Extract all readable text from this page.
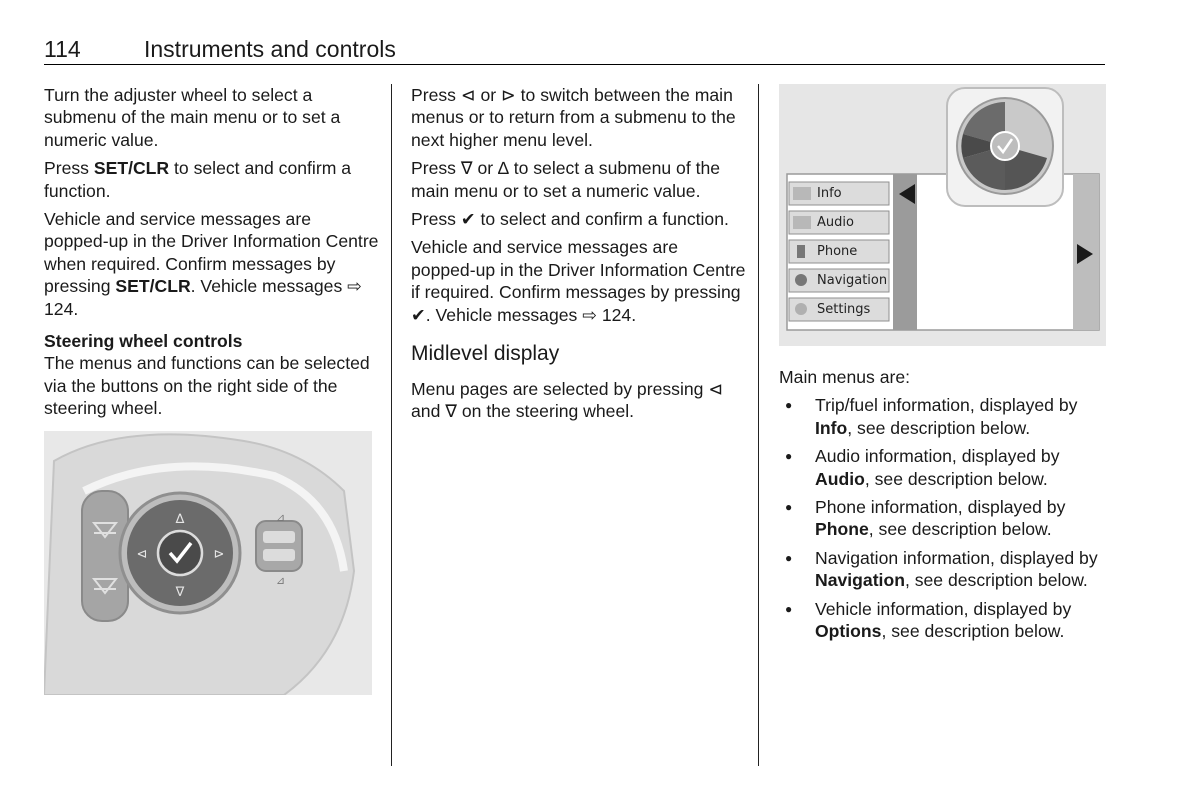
114	Instruments and controls

Turn the adjuster wheel to select a submenu of the main menu or to set a numeric value.

Press SET/CLR to select and confirm a function.

Vehicle and service messages are popped-up in the Driver Information Centre when required. Confirm messages by pressing SET/CLR. Vehicle messages ⇨ 124.

Steering wheel controls

The menus and functions can be selected via the buttons on the right side of the steering wheel.

∆
∇
⊲	⊳
⊿
⊿

Press ⊲ or ⊳ to switch between the main menus or to return from a submenu to the next higher menu level.

Press ∇ or ∆ to select a submenu of the main menu or to set a numeric value.

Press ✔ to select and confirm a function.

Vehicle and service messages are popped-up in the Driver Information Centre if required. Confirm messages by pressing ✔. Vehicle messages ⇨ 124.

Midlevel display

Menu pages are selected by pressing ⊲ and ∇ on the steering wheel.

Info
Audio
Phone
Navigation
Settings

Main menus are:

● Trip/fuel information, displayed by Info, see description below.
● Audio information, displayed by Audio, see description below.
● Phone information, displayed by Phone, see description below.
● Navigation information, displayed by Navigation, see description below.
● Vehicle information, displayed by Options, see description below.
